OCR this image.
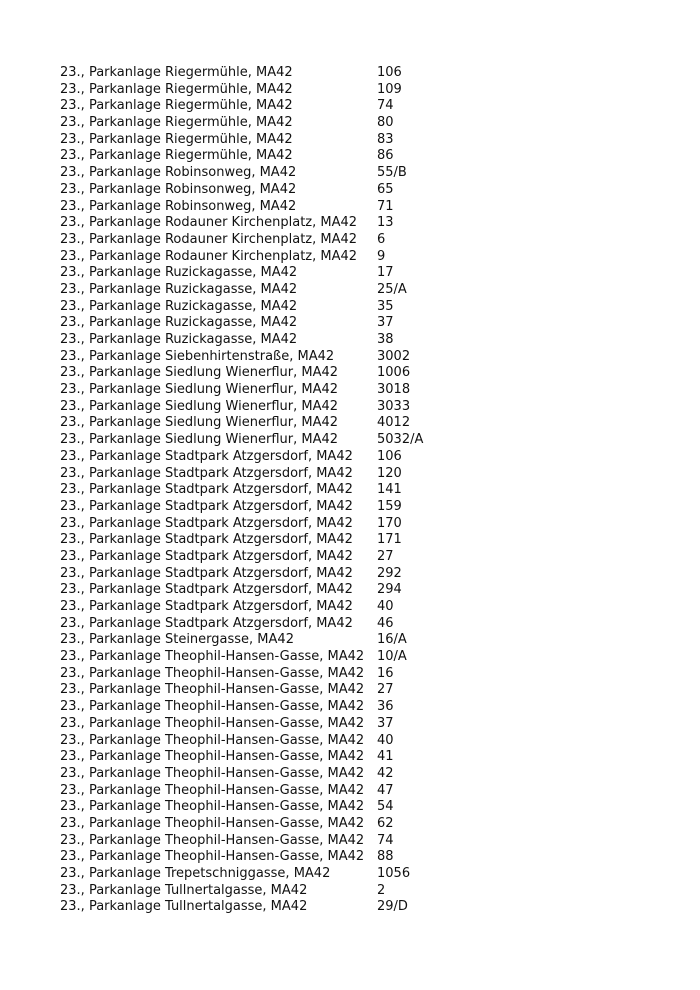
23., Parkanlage Riegermühle, MA42	106
23., Parkanlage Riegermühle, MA42	109
23., Parkanlage Riegermühle, MA42	74
23., Parkanlage Riegermühle, MA42	80
23., Parkanlage Riegermühle, MA42	83
23., Parkanlage Riegermühle, MA42	86
23., Parkanlage Robinsonweg, MA42	55/B
23., Parkanlage Robinsonweg, MA42	65
23., Parkanlage Robinsonweg, MA42	71
23., Parkanlage Rodauner Kirchenplatz, MA42	13
23., Parkanlage Rodauner Kirchenplatz, MA42	6
23., Parkanlage Rodauner Kirchenplatz, MA42	9
23., Parkanlage Ruzickagasse, MA42	17
23., Parkanlage Ruzickagasse, MA42	25/A
23., Parkanlage Ruzickagasse, MA42	35
23., Parkanlage Ruzickagasse, MA42	37
23., Parkanlage Ruzickagasse, MA42	38
23., Parkanlage Siebenhirtenstraße, MA42	3002
23., Parkanlage Siedlung Wienerflur, MA42	1006
23., Parkanlage Siedlung Wienerflur, MA42	3018
23., Parkanlage Siedlung Wienerflur, MA42	3033
23., Parkanlage Siedlung Wienerflur, MA42	4012
23., Parkanlage Siedlung Wienerflur, MA42	5032/A
23., Parkanlage Stadtpark Atzgersdorf, MA42	106
23., Parkanlage Stadtpark Atzgersdorf, MA42	120
23., Parkanlage Stadtpark Atzgersdorf, MA42	141
23., Parkanlage Stadtpark Atzgersdorf, MA42	159
23., Parkanlage Stadtpark Atzgersdorf, MA42	170
23., Parkanlage Stadtpark Atzgersdorf, MA42	171
23., Parkanlage Stadtpark Atzgersdorf, MA42	27
23., Parkanlage Stadtpark Atzgersdorf, MA42	292
23., Parkanlage Stadtpark Atzgersdorf, MA42	294
23., Parkanlage Stadtpark Atzgersdorf, MA42	40
23., Parkanlage Stadtpark Atzgersdorf, MA42	46
23., Parkanlage Steinergasse, MA42	16/A
23., Parkanlage Theophil-Hansen-Gasse, MA42 10/A
23., Parkanlage Theophil-Hansen-Gasse, MA42 16
23., Parkanlage Theophil-Hansen-Gasse, MA42 27
23., Parkanlage Theophil-Hansen-Gasse, MA42 36
23., Parkanlage Theophil-Hansen-Gasse, MA42 37
23., Parkanlage Theophil-Hansen-Gasse, MA42 40
23., Parkanlage Theophil-Hansen-Gasse, MA42 41
23., Parkanlage Theophil-Hansen-Gasse, MA42 42
23., Parkanlage Theophil-Hansen-Gasse, MA42 47
23., Parkanlage Theophil-Hansen-Gasse, MA42 54
23., Parkanlage Theophil-Hansen-Gasse, MA42 62
23., Parkanlage Theophil-Hansen-Gasse, MA42 74
23., Parkanlage Theophil-Hansen-Gasse, MA42 88
23., Parkanlage Trepetschniggasse, MA42	1056
23., Parkanlage Tullnertalgasse, MA42	2
23., Parkanlage Tullnertalgasse, MA42	29/D
